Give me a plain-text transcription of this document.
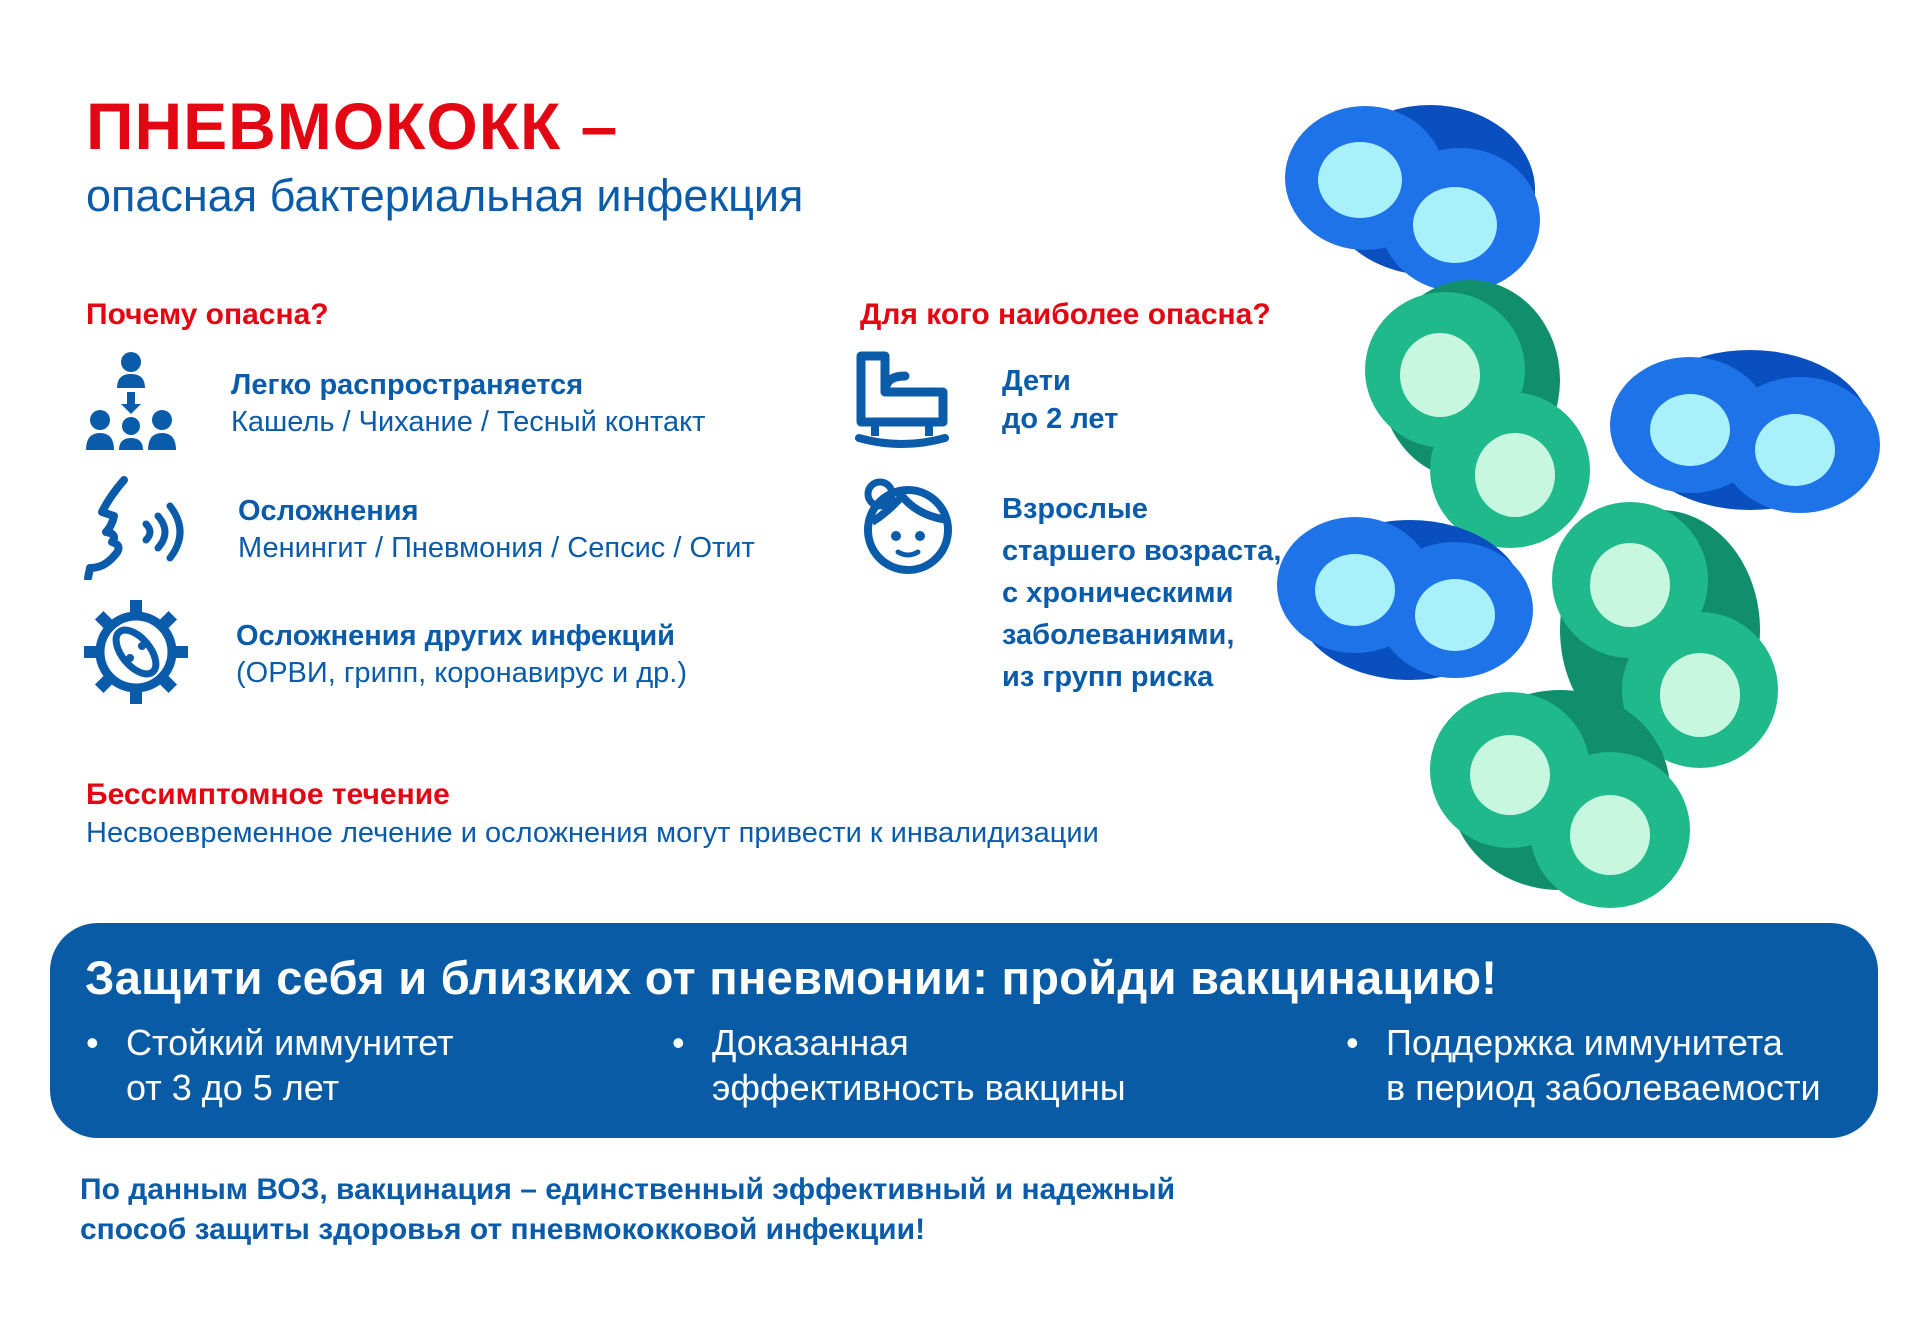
ПНЕВМОКОКК –
опасная бактериальная инфекция
Почему опасна?
Легко распространяется
Кашель / Чихание / Тесный контакт
Осложнения
Менингит / Пневмония / Сепсис / Отит
Осложнения других инфекций
(ОРВИ, грипп, коронавирус и др.)
Для кого наиболее опасна?
Дети
до 2 лет
Взрослые
старшего возраста,
с хроническими
заболеваниями,
из групп риска
Бессимптомное течение
Несвоевременное лечение и осложнения могут привести к инвалидизации
Защити себя и близких от пневмонии: пройди вакцинацию!
• Стойкий иммунитет
от 3 до 5 лет
• Доказанная
эффективность вакцины
• Поддержка иммунитета
в период заболеваемости
По данным ВОЗ, вакцинация – единственный эффективный и надежный
способ защиты здоровья от пневмококковой инфекции!
